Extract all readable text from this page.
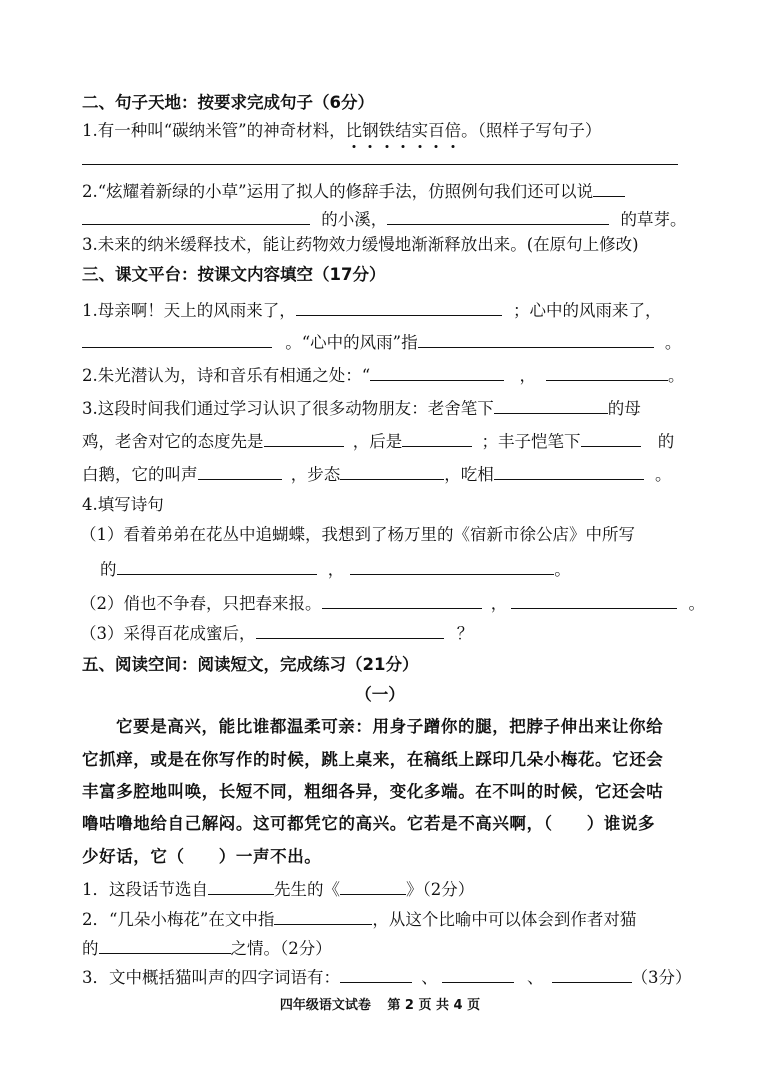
二、句子天地：按要求完成句子（6分）
1.有一种叫“碳纳米管”的神奇材料，比钢铁结实百倍。（照样子写句子）
2.“炫耀着新绿的小草”运用了拟人的修辞手法，仿照例句我们还可以说
的小溪，	的草芽。
3.未来的纳米缓释技术，能让药物效力缓慢地渐渐释放出来。(在原句上修改)
三、课文平台：按课文内容填空（17分）
1.母亲啊！天上的风雨来了，	；心中的风雨来了，
。“心中的风雨”指	。
2.朱光潜认为，诗和音乐有相通之处：“	，	。
3.这段时间我们通过学习认识了很多动物朋友：老舍笔下	的母
鸡，老舍对它的态度先是	，后是	；丰子恺笔下	的
白鹅，它的叫声	，步态	，吃相	。
4.填写诗句
（1）看着弟弟在花丛中追蝴蝶，我想到了杨万里的《宿新市徐公店》中所写
的	，	。
（2）俏也不争春，只把春来报。	，	。
（3）采得百花成蜜后，	？
五、阅读空间：阅读短文，完成练习（21分）
（一）
它要是高兴，能比谁都温柔可亲：用身子蹭你的腿，把脖子伸出来让你给
它抓痒，或是在你写作的时候，跳上桌来，在稿纸上踩印几朵小梅花。它还会
丰富多腔地叫唤，长短不同，粗细各异，变化多端。在不叫的时候，它还会咕
噜咕噜地给自己解闷。这可都凭它的高兴。它若是不高兴啊，（　　）谁说多
少好话，它（　　）一声不出。
1．这段话节选自	先生的《	》（2分）
2．“几朵小梅花”在文中指	，从这个比喻中可以体会到作者对猫
的	之情。（2分）
3．文中概括猫叫声的四字词语有：	、	、	（3分）
四年级语文试卷 第 2 页 共 4 页
